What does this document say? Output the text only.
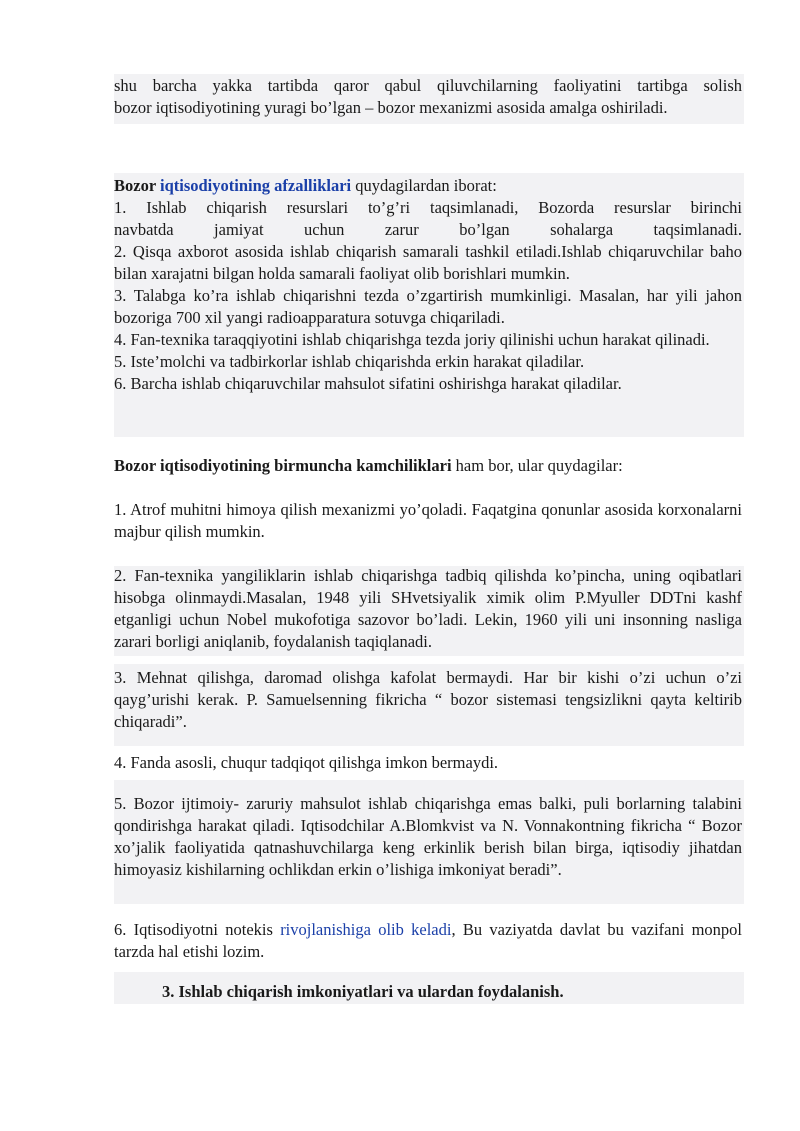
shu barcha yakka tartibda qaror qabul qiluvchilarning faoliyatini tartibga solish

bozor iqtisodiyotining yuragi bo’lgan – bozor mexanizmi asosida amalga oshiriladi.

Bozor iqtisodiyotining afzalliklari quydagilardan iborat:

1. Ishlab chiqarish resurslari to’g’ri taqsimlanadi, Bozorda resurslar birinchi

navbatda jamiyat uchun zarur bo’lgan sohalarga taqsimlanadi.

2. Qisqa axborot asosida ishlab chiqarish samarali tashkil etiladi.Ishlab chiqaruvchilar baho bilan xarajatni bilgan holda samarali faoliyat olib borishlari mumkin.

3. Talabga ko’ra ishlab chiqarishni tezda o’zgartirish mumkinligi. Masalan, har yili jahon bozoriga 700 xil yangi radioapparatura sotuvga chiqariladi.

4. Fan-texnika taraqqiyotini ishlab chiqarishga tezda joriy qilinishi uchun harakat qilinadi.

5. Iste’molchi va tadbirkorlar ishlab chiqarishda erkin harakat qiladilar.

6. Barcha ishlab chiqaruvchilar mahsulot sifatini oshirishga harakat qiladilar.

Bozor iqtisodiyotining birmuncha kamchiliklari ham bor, ular quydagilar:

1. Atrof muhitni himoya qilish mexanizmi yo’qoladi. Faqatgina qonunlar asosida korxonalarni majbur qilish mumkin.

2. Fan-texnika yangiliklarin ishlab chiqarishga tadbiq qilishda ko’pincha, uning oqibatlari hisobga olinmaydi.Masalan, 1948 yili SHvetsiyalik ximik olim P.Myuller DDTni kashf etganligi uchun Nobel mukofotiga sazovor bo’ladi. Lekin, 1960 yili uni insonning nasliga zarari borligi aniqlanib, foydalanish taqiqlanadi.

3. Mehnat qilishga, daromad olishga kafolat bermaydi. Har bir kishi o’zi uchun o’zi qayg’urishi kerak. P. Samuelsenning fikricha “ bozor sistemasi tengsizlikni qayta keltirib chiqaradi”.

4. Fanda asosli, chuqur tadqiqot qilishga imkon bermaydi.

5. Bozor ijtimoiy- zaruriy mahsulot ishlab chiqarishga emas balki, puli borlarning talabini qondirishga harakat qiladi. Iqtisodchilar A.Blomkvist va N. Vonnakontning fikricha “ Bozor xo’jalik faoliyatida qatnashuvchilarga keng erkinlik berish bilan birga, iqtisodiy jihatdan himoyasiz kishilarning ochlikdan erkin o’lishiga imkoniyat beradi”.

6. Iqtisodiyotni notekis rivojlanishiga olib keladi, Bu vaziyatda davlat bu vazifani monpol tarzda hal etishi lozim.

3. Ishlab chiqarish imkoniyatlari va ulardan foydalanish.
